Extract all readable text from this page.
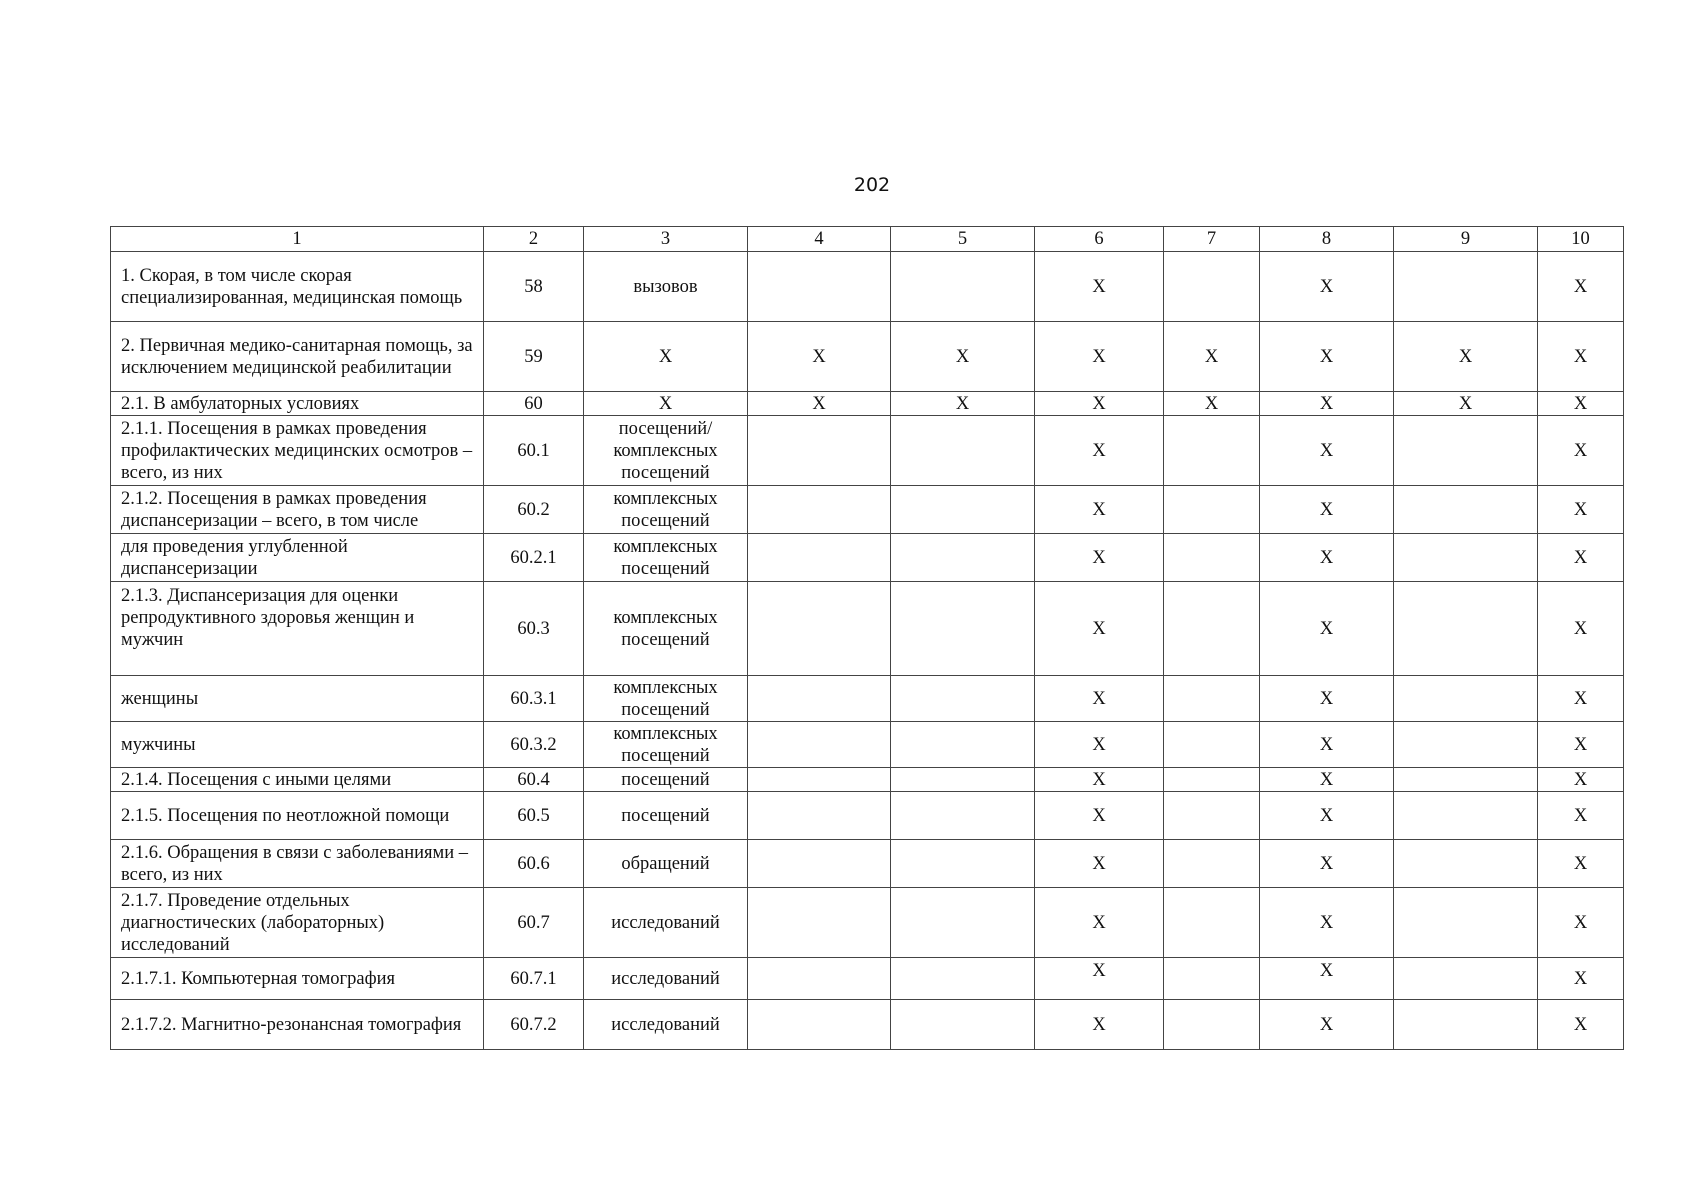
202
1	2	3	4	5	6	7	8	9	10
1. Скорая, в том числе скорая специализированная, медицинская помощь	58	вызовов			Х		Х		Х
2. Первичная медико-санитарная помощь, за исключением медицинской реабилитации	59	Х	Х	Х	Х	Х	Х	Х	Х
2.1. В амбулаторных условиях	60	Х	Х	Х	Х	Х	Х	Х	Х
2.1.1. Посещения в рамках проведения профилактических медицинских осмотров – всего, из них	60.1	посещений/ комплексных посещений			Х		Х		Х
2.1.2. Посещения в рамках проведения диспансеризации – всего, в том числе	60.2	комплексных посещений			Х		Х		Х
для проведения углубленной диспансеризации	60.2.1	комплексных посещений			Х		Х		Х
2.1.3. Диспансеризация для оценки репродуктивного здоровья женщин и мужчин	60.3	комплексных посещений			Х		Х		Х
женщины	60.3.1	комплексных посещений			Х		Х		Х
мужчины	60.3.2	комплексных посещений			Х		Х		Х
2.1.4. Посещения с иными целями	60.4	посещений			Х		Х		Х
2.1.5. Посещения по неотложной помощи	60.5	посещений			Х		Х		Х
2.1.6. Обращения в связи с заболеваниями – всего, из них	60.6	обращений			Х		Х		Х
2.1.7. Проведение отдельных диагностических (лабораторных) исследований	60.7	исследований			Х		Х		Х
2.1.7.1. Компьютерная томография	60.7.1	исследований			Х		Х		Х
2.1.7.2. Магнитно-резонансная томография	60.7.2	исследований			Х		Х		Х
